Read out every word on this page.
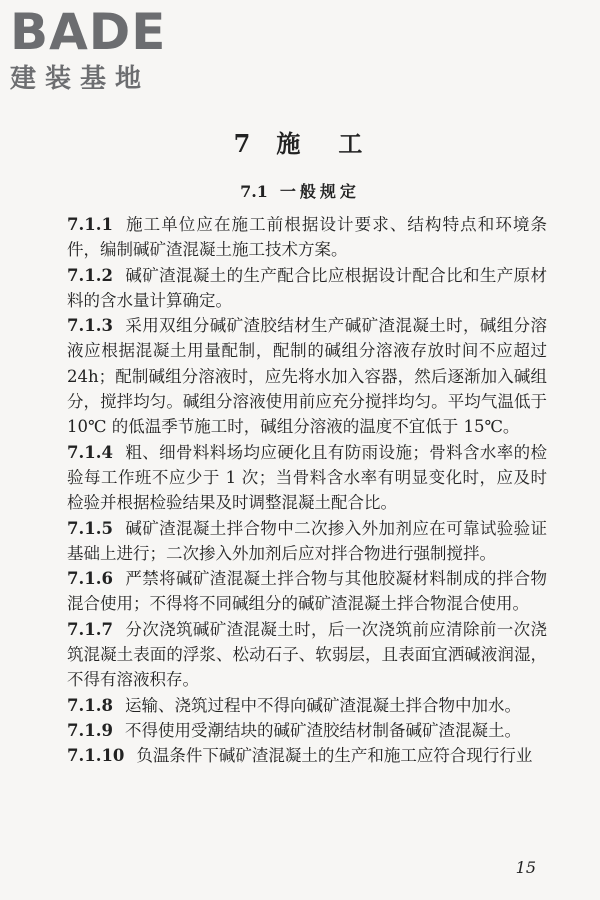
BADE
建装基地
7 施 工
7.1 一般规定

7.1.1 施工单位应在施工前根据设计要求、结构特点和环境条件，编制碱矿渣混凝土施工技术方案。

7.1.2 碱矿渣混凝土的生产配合比应根据设计配合比和生产原材料的含水量计算确定。

7.1.3 采用双组分碱矿渣胶结材生产碱矿渣混凝土时，碱组分溶液应根据混凝土用量配制，配制的碱组分溶液存放时间不应超过 24h；配制碱组分溶液时，应先将水加入容器，然后逐渐加入碱组分，搅拌均匀。碱组分溶液使用前应充分搅拌均匀。平均气温低于 10℃ 的低温季节施工时，碱组分溶液的温度不宜低于 15℃。

7.1.4 粗、细骨料料场均应硬化且有防雨设施；骨料含水率的检验每工作班不应少于 1 次；当骨料含水率有明显变化时，应及时检验并根据检验结果及时调整混凝土配合比。

7.1.5 碱矿渣混凝土拌合物中二次掺入外加剂应在可靠试验验证基础上进行；二次掺入外加剂后应对拌合物进行强制搅拌。

7.1.6 严禁将碱矿渣混凝土拌合物与其他胶凝材料制成的拌合物混合使用；不得将不同碱组分的碱矿渣混凝土拌合物混合使用。

7.1.7 分次浇筑碱矿渣混凝土时，后一次浇筑前应清除前一次浇筑混凝土表面的浮浆、松动石子、软弱层，且表面宜洒碱液润湿，不得有溶液积存。

7.1.8 运输、浇筑过程中不得向碱矿渣混凝土拌合物中加水。

7.1.9 不得使用受潮结块的碱矿渣胶结材制备碱矿渣混凝土。

7.1.10 负温条件下碱矿渣混凝土的生产和施工应符合现行行业

15
